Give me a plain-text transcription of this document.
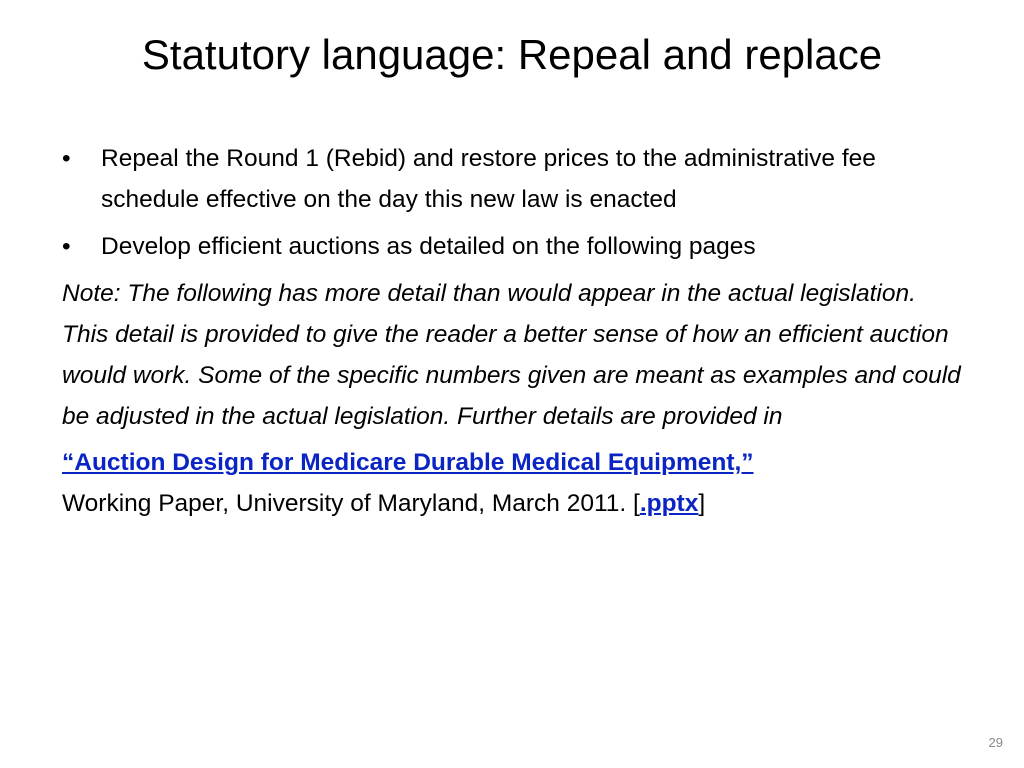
Statutory language: Repeal and replace
•	Repeal the Round 1 (Rebid) and restore prices to the administrative fee schedule effective on the day this new law is enacted
•	Develop efficient auctions as detailed on the following pages

Note: The following has more detail than would appear in the actual legislation. This detail is provided to give the reader a better sense of how an efficient auction would work. Some of the specific numbers given are meant as examples and could be adjusted in the actual legislation. Further details are provided in

“Auction Design for Medicare Durable Medical Equipment,”
Working Paper, University of Maryland, March 2011. [.pptx]

29
